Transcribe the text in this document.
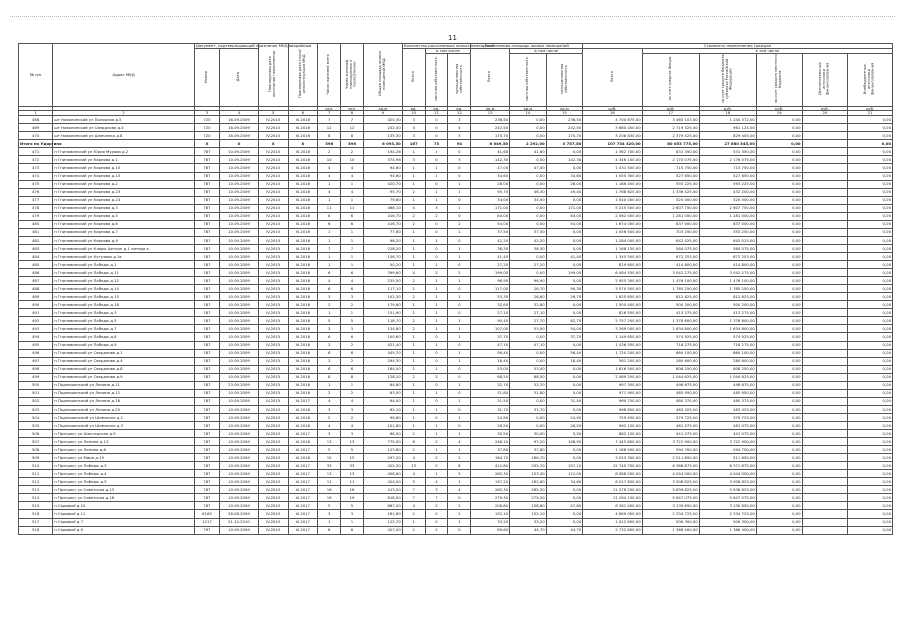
11
№ п/п	Адрес МКД	Документ, подтверждающий признание МКД аварийным		Планируемая дата окончания переселения	Планируемая дата сноса/реконструкции МКД	Число жителей всего	Число жителей, планируемых к переселению	Общая площадь жилых помещений МКД	Количество расселяемых жилых помещений			Расселяемая площадь жилых помещений			Стоимость переселения граждан					
		Номер	Дата						Всего	в том числе		Всего	в том числе		Всего	в том числе				
										частная собственность	муниципальная собственность		частная собственность	муниципальная собственность		за счет средств Фонда	за счет средств бюджета субъекта Российской Федерации	за счет средств местного бюджета	Дополнительные источники финансирования	Внебюджетные источники финансирования
						чел.	чел.	кв.м	ед.	ед.	ед.	кв.м	кв.м	кв.м	руб.	руб.	руб.	руб.	руб.	руб.
1	2	3	4	5	6	7	8	9	10	11	12	13	14	15	16	17	18	19	20	21
468	шт Новолинский ул Полярная д.5	720	16.09.2009	IV.2015	III.2016	7	7	420,30	3	0	3	236,50	0,00	236,50	4 700 675,00	3 460 103,00	1 240 572,00	0,00		0,00
469	шт Новолинский ул Свердлова д.4	720	16.09.2009	IV.2015	III.2016	12	12	242,50	4	0	4	242,50	0,00	242,50	3 680 450,00	2 719 325,00	961 125,00	0,00		0,00
470	шт Новолинский ул Шевченко д.8	720	16.09.2009	IV.2015	III.2016	8	8	135,30	3	0	3	175,70	0,00	175,70	3 208 830,00	2 379 425,00	829 405,00	0,00		0,00
Итого по Удоргино		X	X	X	X	396	396	6 093,30	167	73	94	6 049,50	2 292,00	3 757,50	107 734 320,00	80 053 775,00	27 680 545,00	0,00		0,00
471	п Гниловинский ул Юрия Мурова д.2	787	10.09.2009	IV.2015	III.2016	2	2	194,26	1	1	0	41,60	41,60	0,00	1 362 700,00	831 350,00	531 350,00	0,00		0,00
472	п Гниловинский ул Карпова д.1	787	10.09.2009	IV.2015	III.2016	10	10	374,96	3	0	3	142,30	0,00	142,30	4 346 150,00	2 170 075,00	2 176 075,00	0,00		0,00
473	п Гниловинский ул Карпова д.10	787	10.09.2009	IV.2015	III.2016	4	4	94,60	1	1	0	47,00	47,00	0,00	1 431 500,00	715 750,00	715 750,00	0,00		0,00
474	п Гниловинский ул Карпова д.13	787	10.09.2009	IV.2015	III.2016	4	4	94,60	1	1	0	34,60	0,00	34,60	1 055 300,00	527 650,00	527 650,00	0,00		0,00
475	п Гниловинский ул Карпова д.2	787	10.09.2009	IV.2015	III.2016	1	1	420,70	1	0	1	28,00	0,00	28,00	1 186 450,00	593 225,00	593 225,00	0,00		0,00
476	п Гниловинский ул Карпова д.23	787	10.09.2009	IV.2015	III.2016	4	4	95,70	2	1	1	95,70	46,30	49,40	1 768 625,00	1 336 425,00	432 200,00	0,00		0,00
477	п Гниловинский ул Карпова д.24	787	10.09.2009	IV.2015	III.2016	1	1	79,80	1	1	0	34,00	34,00	0,00	1 040 000,00	520 000,00	520 000,00	0,00		0,00
478	п Гниловинский ул Карпова д.3	787	10.09.2009	IV.2015	III.2016	11	11	468,10	4	3	1	171,00	0,00	171,00	5 215 500,00	2 607 750,00	2 607 750,00	0,00		0,00
479	п Гниловинский ул Карпова д.5	787	10.09.2009	IV.2015	III.2016	6	6	416,70	2	2	0	84,00	0,00	84,00	2 562 000,00	1 281 000,00	1 281 000,00	0,00		0,00
480	п Гниловинский ул Карпова д.6	787	10.09.2009	IV.2015	III.2016	6	6	416,70	2	0	2	54,00	0,00	54,00	1 674 000,00	837 000,00	837 000,00	0,00		0,00
481	п Гниловинский ул Карпова д.7	787	10.09.2009	IV.2015	III.2016	1	1	77,60	1	0	1	37,50	37,50	0,00	1 056 500,00	703 250,00	353 250,00	0,00		0,00
482	п Гниловинский ул Карпова д.9	787	10.09.2009	IV.2015	III.2016	1	1	98,20	1	1	0	42,20	42,20	0,00	1 284 000,00	642 025,00	642 025,00	0,00		0,00
483	п Гниловинский ул Клары Цеткин д.1 литера а	787	10.09.2009	IV.2015	III.2016	7	7	228,20	1	0	1	38,30	38,30	0,00	1 168 150,00	584 075,00	584 075,00	0,00		0,00
484	п Гниловинский ул Кутузова д.1в	787	10.09.2009	IV.2015	III.2016	1	1	156,70	1	0	1	41,40	0,00	41,40	1 345 500,00	672 253,00	672 253,00	0,00		0,00
485	п Гниловинский ул Победы д.1	787	10.09.2009	IV.2015	III.2016	1	1	50,20	1	1	0	27,20	27,20	0,00	829 600,00	414 800,00	414 800,00	0,00		0,00
486	п Гниловинский ул Победы д.11	787	10.09.2009	IV.2015	III.2016	6	6	399,60	4	2	2	199,00	0,00	199,00	6 084 550,00	3 042 275,00	3 042 275,00	0,00		0,00
487	п Гниловинский ул Победы д.12	787	10.09.2009	IV.2015	III.2016	4	4	235,50	2	1	1	96,90	96,90	0,00	2 955 300,00	1 476 100,00	1 476 100,00	0,00		0,00
488	п Гниловинский ул Победы д.14	787	10.09.2009	IV.2015	III.2016	6	6	117,10	1	1	0	117,00	26,70	90,30	3 570 500,00	1 785 250,00	1 785 250,00	0,00		0,00
489	п Гниловинский ул Победы д.15	787	10.09.2009	IV.2015	III.2016	3	3	102,30	2	1	1	53,30	26,60	26,70	1 625 650,00	812 825,00	812 825,00	0,00		0,00
490	п Гниловинский ул Победы д.18	787	10.09.2009	IV.2015	III.2016	2	2	179,60	1	1	0	32,80	32,80	0,00	1 000 400,00	500 200,00	500 200,00	0,00		0,00
491	п Гниловинский ул Победы д.3	787	10.09.2009	IV.2015	III.2016	1	1	151,90	1	1	0	27,10	27,10	0,00	826 550,00	413 275,00	413 275,00	0,00		0,00
492	п Гниловинский ул Победы д.5	787	10.09.2009	IV.2015	III.2016	5	5	118,70	2	1	1	90,40	27,70	62,70	2 757 200,00	1 378 600,00	1 378 600,00	0,00		0,00
493	п Гниловинский ул Победы д.7	787	10.09.2009	IV.2015	III.2016	3	3	134,80	2	1	1	107,00	53,00	54,00	3 269 000,00	1 634 800,00	1 634 800,00	0,00		0,00
494	п Гниловинский ул Победы д.8	787	10.09.2009	IV.2015	III.2016	6	6	100,60	1	0	1	37,70	0,00	37,70	1 149 850,00	574 925,00	574 925,00	0,00		0,00
495	п Гниловинский ул Победы д.9	787	10.09.2009	IV.2015	III.2016	2	2	421,40	1	1	0	47,10	47,10	0,00	1 436 550,00	718 275,00	718 275,00	0,00		0,00
496	п Гниловинский ул Свердлова д.1	787	10.09.2009	IV.2015	III.2016	6	6	445,70	1	0	1	56,40	0,00	56,40	1 720 200,00	860 100,00	860 100,00	0,00		0,00
497	п Гниловинский ул Свердлова д.4	787	10.09.2009	IV.2015	III.2016	2	2	294,30	1	0	1	18,40	0,00	18,40	561 200,00	280 600,00	280 600,00	0,00		0,00
498	п Гниловинский ул Свердлова д.8	787	10.09.2009	IV.2015	III.2016	6	6	184,00	1	1	0	53,00	53,00	0,00	1 616 500,00	808 250,00	808 250,00	0,00		0,00
499	п Гниловинский ул Свердлова д.9	787	10.09.2009	IV.2015	III.2016	8	8	128,10	2	2	0	68,50	68,50	0,00	2 089 250,00	1 044 625,00	1 044 625,00	0,00		0,00
500	п Подпешенский ул Ленина д.11	787	23.09.2009	IV.2015	III.2016	1	1	64,80	1	0	1	32,70	32,70	0,00	997 350,00	498 675,00	498 675,00	0,00		0,00
501	п Подпешенский ул Ленина д.12	787	10.09.2009	IV.2015	III.2016	2	2	63,00	1	1	0	31,80	31,80	0,00	971 900,00	485 950,00	485 950,00	0,00		0,00
502	п Подпешенский ул Ленина д.16	787	10.09.2009	IV.2015	III.2017	4	4	64,00	1	0	1	31,50	0,00	31,50	960 750,00	480 375,00	480 375,00	0,00		0,00
503	п Подпешенский ул Ленина д.20	787	10.09.2009	IV.2015	III.2016	3	3	62,10	1	1	0	31,70	31,70	0,00	966 850,00	483 425,00	483 425,00	0,00		0,00
504	п Подпешенский ул Шевченко д.1	787	10.09.2009	IV.2015	III.2016	2	2	99,60	1	0	1	24,90	0,00	24,90	759 450,00	379 725,00	379 725,00	0,00		0,00
505	п Подпешенский ул Шевченко д.3	787	10.09.2009	IV.2015	III.2016	4	4	101,80	1	1	0	26,50	0,00	26,50	962 150,00	481 075,00	481 075,00	0,00		0,00
506	п Прогресс ул Шахтерская д.9	787	10.09.2009	IV.2015	III.2017	3	3	66,50	2	1	1	35,50	30,00	5,50	882 150,00	441 075,00	441 075,00	0,00		0,00
507	п Прогресс ул Ленина д.13	787	10.09.2009	IV.2015	III.2016	13	13	775,00	6	2	4	246,10	97,20	148,90	7 445 800,00	3 722 900,00	3 722 900,00	0,00		0,00
508	п Прогресс ул Ленина д.6	787	10.09.2009	IV.2015	III.2017	5	5	123,80	2	1	1	37,80	37,80	0,00	1 188 900,00	594 700,00	594 700,00	0,00		0,00
509	п Прогресс ул Мира д.19	787	10.09.2009	IV.2015	III.2016	15	15	297,20	4	2	2	164,70	166,70	0,00	3 023 300,00	2 511 650,00	511 650,00	0,00		0,00
510	п Прогресс ул Победы д.3	787	10.09.2009	IV.2015	III.2017	33	33	422,30	13	5	8	412,80	255,70	157,10	12 740 750,00	6 368 875,00	6 371 875,00	0,00		0,00
511	п Прогресс ул Победы д.4	787	10.09.2009	IV.2015	III.2017	13	13	408,60	4	1	3	265,30	153,40	112,00	8 088 000,00	4 044 000,00	4 044 000,00	0,00		0,00
512	п Прогресс ул Победы д.5	787	10.09.2009	IV.2015	III.2017	11	11	424,00	5	4	1	197,20	162,60	34,60	6 017 650,00	3 008 825,00	3 008 825,00	0,00		0,00
513	п Прогресс ул Советская д.13	787	10.09.2009	IV.2015	III.2017	16	16	413,50	7	3	4	265,30	265,30	0,00	11 278 250,00	5 639 625,00	5 638 625,00	0,00		0,00
514	п Прогресс ул Советская д.16	787	10.09.2009	IV.2015	III.2017	19	19	618,00	7	7	0	279,30	279,30	0,00	11 294 150,00	5 647 075,00	5 647 075,00	0,00		0,00
515	п Садовый д.10	787	10.09.2009	IV.2015	III.2017	5	5	667,00	4	2	2	206,80	158,80	47,80	6 261 400,00	3 130 650,00	3 130 650,00	0,00		0,00
516	п Садовый д.11	8165	28.08.2009	IV.2015	III.2017	3	3	181,60	2	0	2	152,10	152,10	0,00	4 669 050,00	2 334 725,00	2 334 725,00	0,00		0,00
517	п Садовый д.7	1217	21.10.2010	IV.2015	III.2017	1	1	122,70	1	0	1	33,20	33,20	0,00	1 012 600,00	506 300,00	506 300,00	0,00		0,00
518	п Садовый д.9	797	10.09.2009	IV.2015	III.2017	6	6	427,00	2	2	0	89,60	44,70	44,70	2 732 800,00	1 366 400,00	1 366 400,00	0,00		0,00
